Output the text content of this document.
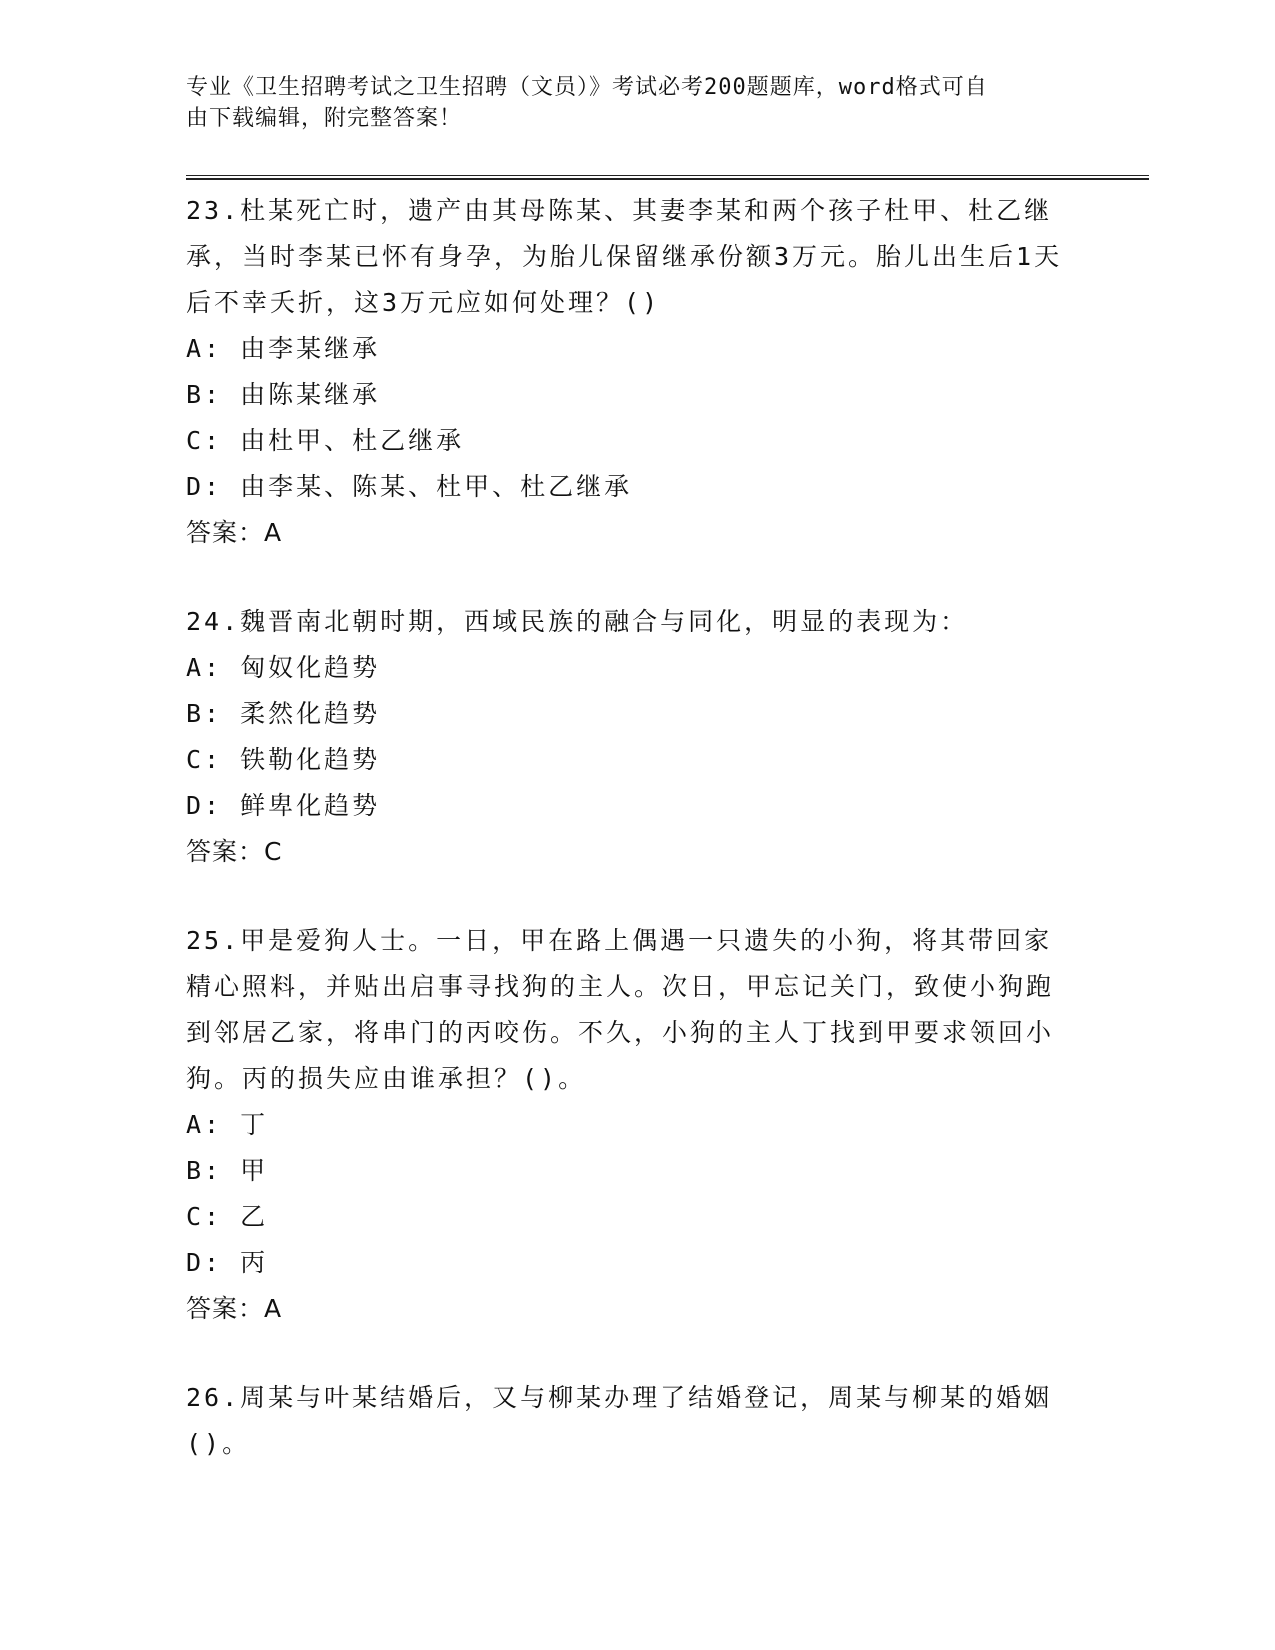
专业《卫生招聘考试之卫生招聘（文员）》考试必考200题题库，word格式可自
由下载编辑，附完整答案！
23.杜某死亡时，遗产由其母陈某、其妻李某和两个孩子杜甲、杜乙继承，当时李某已怀有身孕，为胎儿保留继承份额3万元。胎儿出生后1天后不幸夭折，这3万元应如何处理？()
A: 由李某继承
B: 由陈某继承
C: 由杜甲、杜乙继承
D: 由李某、陈某、杜甲、杜乙继承
答案：A
24.魏晋南北朝时期，西域民族的融合与同化，明显的表现为：
A: 匈奴化趋势
B: 柔然化趋势
C: 铁勒化趋势
D: 鲜卑化趋势
答案：C
25.甲是爱狗人士。一日，甲在路上偶遇一只遗失的小狗，将其带回家精心照料，并贴出启事寻找狗的主人。次日，甲忘记关门，致使小狗跑到邻居乙家，将串门的丙咬伤。不久，小狗的主人丁找到甲要求领回小狗。丙的损失应由谁承担？()。
A: 丁
B: 甲
C: 乙
D: 丙
答案：A
26.周某与叶某结婚后，又与柳某办理了结婚登记，周某与柳某的婚姻()。
